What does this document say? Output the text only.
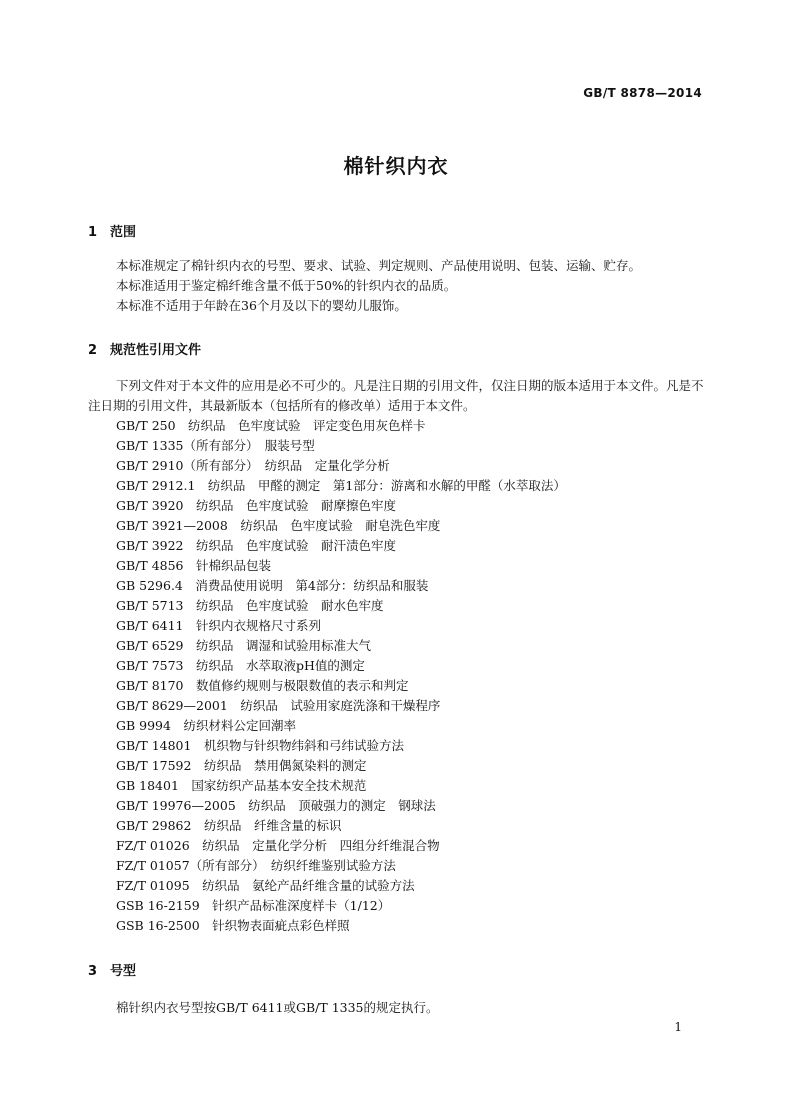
GB/T 8878—2014
棉针织内衣
1 范围

本标准规定了棉针织内衣的号型、要求、试验、判定规则、产品使用说明、包装、运输、贮存。

本标准适用于鉴定棉纤维含量不低于50%的针织内衣的品质。

本标准不适用于年龄在36个月及以下的婴幼儿服饰。

2 规范性引用文件

下列文件对于本文件的应用是必不可少的。凡是注日期的引用文件，仅注日期的版本适用于本文件。凡是不注日期的引用文件，其最新版本（包括所有的修改单）适用于本文件。

GB/T 250　纺织品　色牢度试验　评定变色用灰色样卡
GB/T 1335（所有部分）　服装号型
GB/T 2910（所有部分）　纺织品　定量化学分析
GB/T 2912.1　纺织品　甲醛的测定　第1部分：游离和水解的甲醛（水萃取法）
GB/T 3920　纺织品　色牢度试验　耐摩擦色牢度
GB/T 3921—2008　纺织品　色牢度试验　耐皂洗色牢度
GB/T 3922　纺织品　色牢度试验　耐汗渍色牢度
GB/T 4856　针棉织品包装
GB 5296.4　消费品使用说明　第4部分：纺织品和服装
GB/T 5713　纺织品　色牢度试验　耐水色牢度
GB/T 6411　针织内衣规格尺寸系列
GB/T 6529　纺织品　调湿和试验用标准大气
GB/T 7573　纺织品　水萃取液pH值的测定
GB/T 8170　数值修约规则与极限数值的表示和判定
GB/T 8629—2001　纺织品　试验用家庭洗涤和干燥程序
GB 9994　纺织材料公定回潮率
GB/T 14801　机织物与针织物纬斜和弓纬试验方法
GB/T 17592　纺织品　禁用偶氮染料的测定
GB 18401　国家纺织产品基本安全技术规范
GB/T 19976—2005　纺织品　顶破强力的测定　钢球法
GB/T 29862　纺织品　纤维含量的标识
FZ/T 01026　纺织品　定量化学分析　四组分纤维混合物
FZ/T 01057（所有部分）　纺织纤维鉴别试验方法
FZ/T 01095　纺织品　氨纶产品纤维含量的试验方法
GSB 16-2159　针织产品标准深度样卡（1/12）
GSB 16-2500　针织物表面疵点彩色样照
3 号型

棉针织内衣号型按GB/T 6411或GB/T 1335的规定执行。

1
